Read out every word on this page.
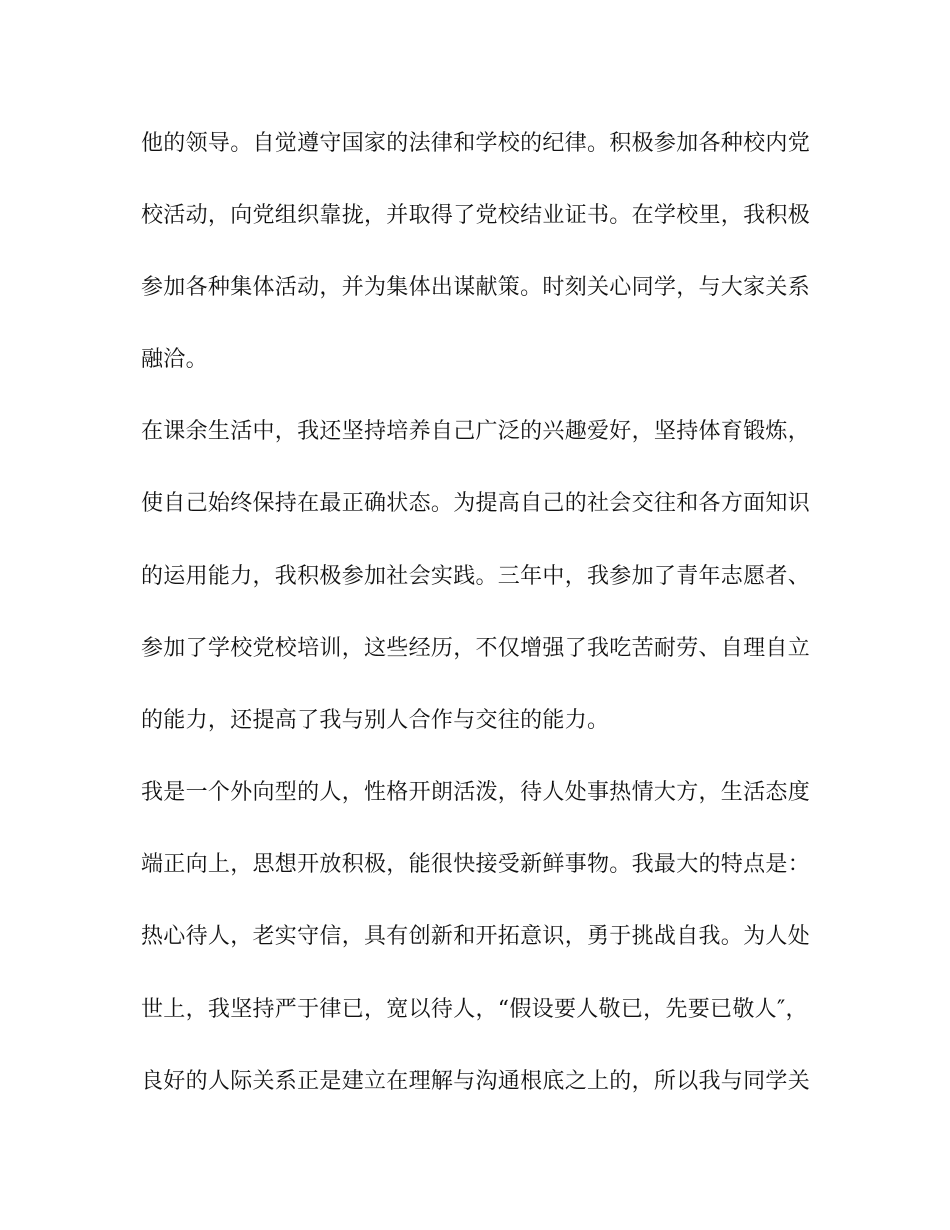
他的领导。自觉遵守国家的法律和学校的纪律。积极参加各种校内党
校活动，向党组织靠拢，并取得了党校结业证书。在学校里，我积极
参加各种集体活动，并为集体出谋献策。时刻关心同学，与大家关系
融洽。
在课余生活中，我还坚持培养自己广泛的兴趣爱好，坚持体育锻炼，
使自己始终保持在最正确状态。为提高自己的社会交往和各方面知识
的运用能力，我积极参加社会实践。三年中，我参加了青年志愿者、
参加了学校党校培训，这些经历，不仅增强了我吃苦耐劳、自理自立
的能力，还提高了我与别人合作与交往的能力。
我是一个外向型的人，性格开朗活泼，待人处事热情大方，生活态度
端正向上，思想开放积极，能很快接受新鲜事物。我最大的特点是：
热心待人，老实守信，具有创新和开拓意识，勇于挑战自我。为人处
世上，我坚持严于律已，宽以待人，“假设要人敬已，先要已敬人″，
良好的人际关系正是建立在理解与沟通根底之上的，所以我与同学关
